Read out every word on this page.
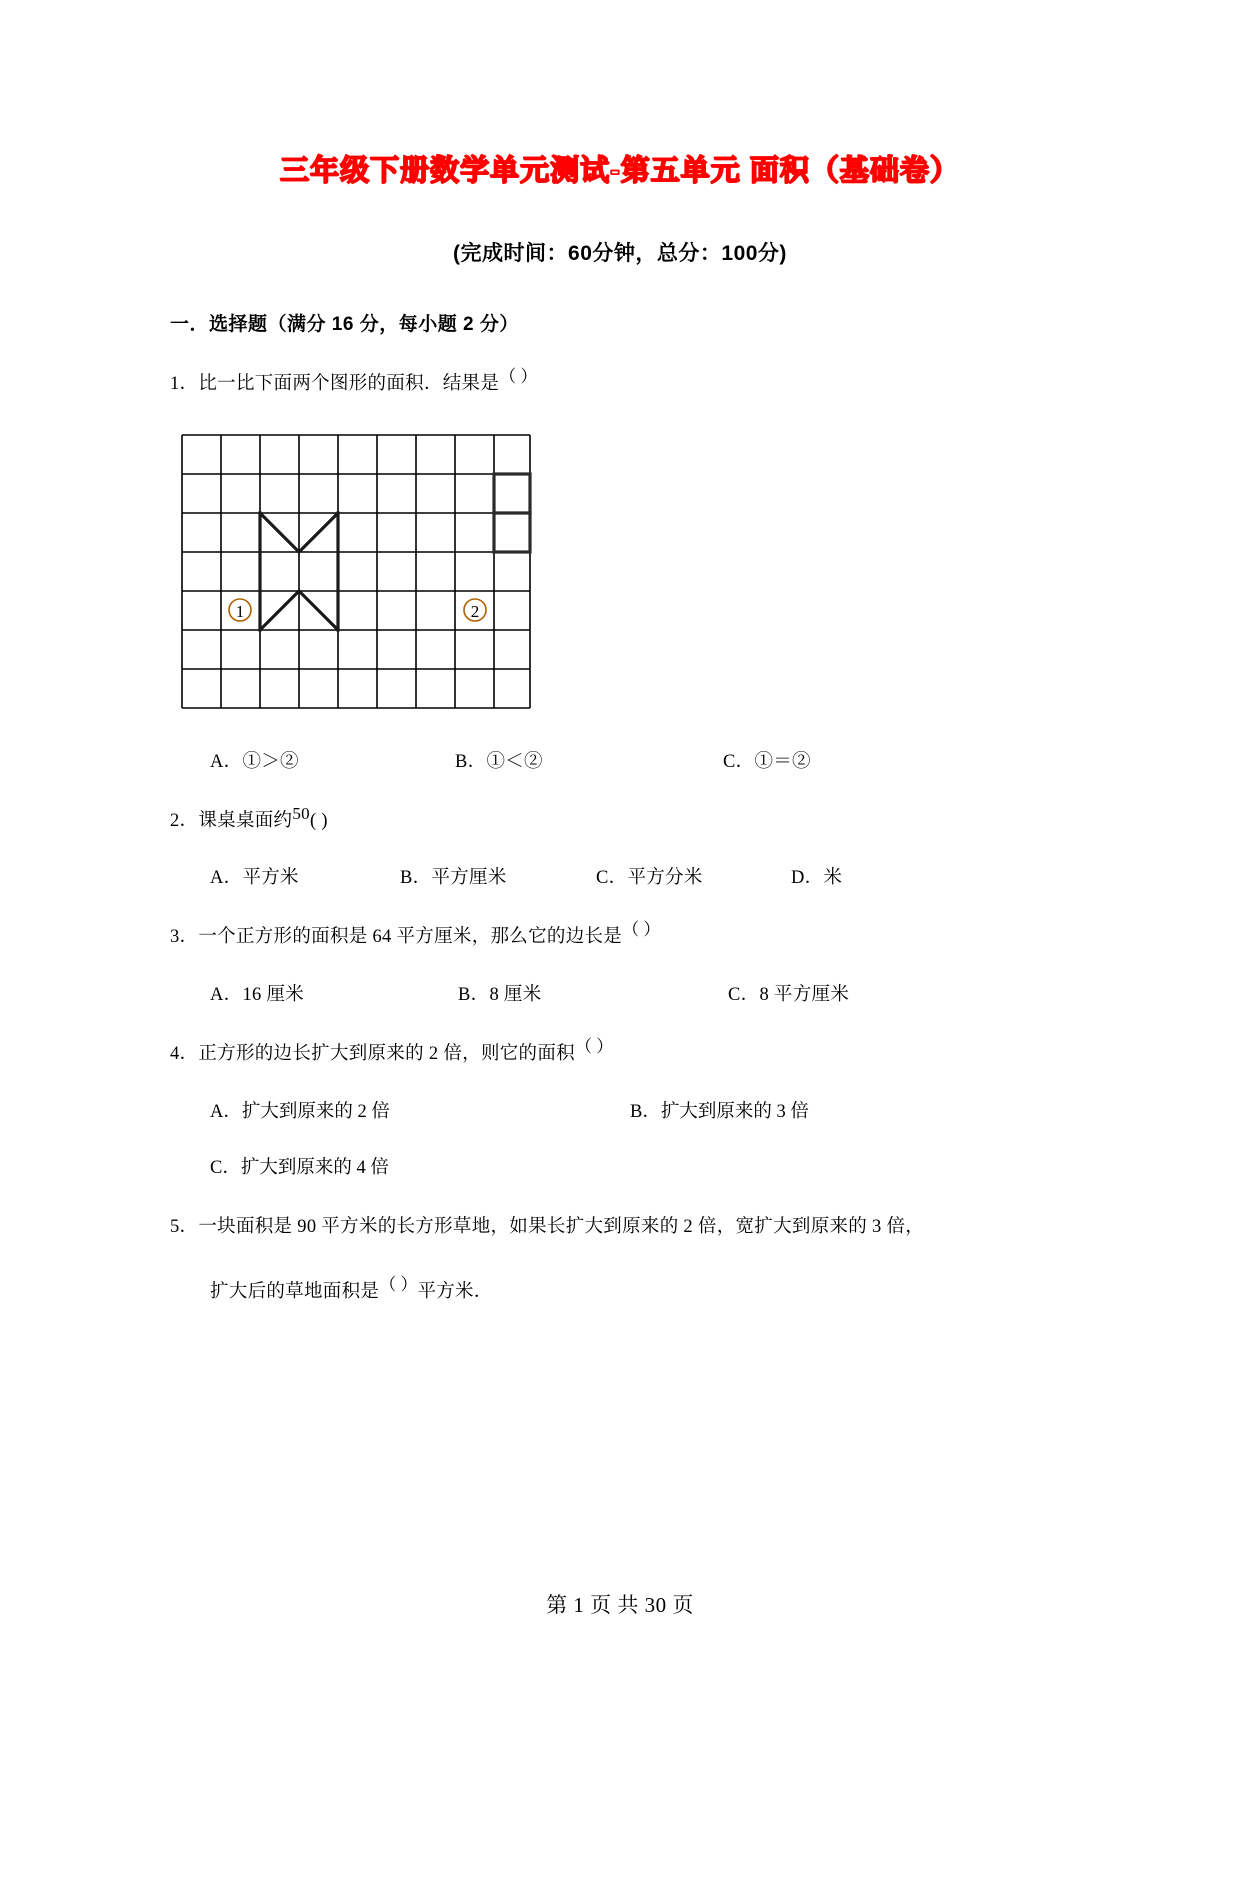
三年级下册数学单元测试-第五单元 面积（基础卷）
(完成时间：60分钟，总分：100分)
一．选择题（满分 16 分，每小题 2 分）
1．比一比下面两个图形的面积．结果是（ ）
1	2
A．①＞②	B．①＜②	C．①＝②
2．课桌桌面约50( )
A．平方米	B．平方厘米	C．平方分米	D．米
3．一个正方形的面积是 64 平方厘米，那么它的边长是（ ）
A．16 厘米	B．8 厘米	C．8 平方厘米
4．正方形的边长扩大到原来的 2 倍，则它的面积（ ）
A．扩大到原来的 2 倍	B．扩大到原来的 3 倍
C．扩大到原来的 4 倍
5．一块面积是 90 平方米的长方形草地，如果长扩大到原来的 2 倍，宽扩大到原来的 3 倍，
扩大后的草地面积是（ ）平方米．
第 1 页 共 30 页
